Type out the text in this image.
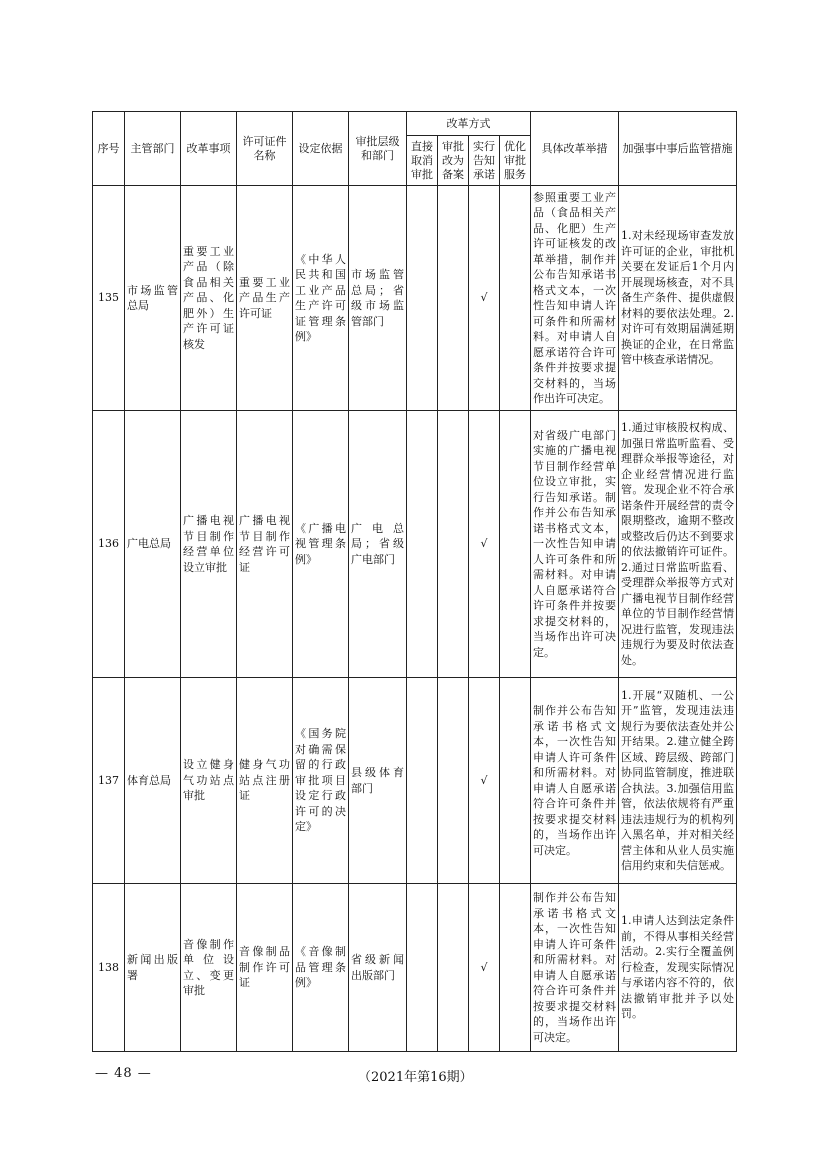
序号	主管部门	改革事项	许可证件名称	设定依据	审批层级和部门	改革方式				具体改革举措	加强事中事后监管措施
						直接取消审批	审批改为备案	实行告知承诺	优化审批服务		
135	市场监管总局	重要工业产品（除食品相关产品、化肥外）生产许可证核发	重要工业产品生产许可证	《中华人民共和国工业产品生产许可证管理条例》	市场监管总局；省级市场监管部门			√		参照重要工业产品（食品相关产品、化肥）生产许可证核发的改革举措，制作并公布告知承诺书格式文本，一次性告知申请人许可条件和所需材料。对申请人自愿承诺符合许可条件并按要求提交材料的，当场作出许可决定。	1.对未经现场审查发放许可证的企业，审批机关要在发证后1个月内开展现场核查，对不具备生产条件、提供虚假材料的要依法处理。2.对许可有效期届满延期换证的企业，在日常监管中核查承诺情况。
136	广电总局	广播电视节目制作经营单位设立审批	广播电视节目制作经营许可证	《广播电视管理条例》	广电总局；省级广电部门			√		对省级广电部门实施的广播电视节目制作经营单位设立审批，实行告知承诺。制作并公布告知承诺书格式文本，一次性告知申请人许可条件和所需材料。对申请人自愿承诺符合许可条件并按要求提交材料的，当场作出许可决定。	1.通过审核股权构成、加强日常监听监看、受理群众举报等途径，对企业经营情况进行监管。发现企业不符合承诺条件开展经营的责令限期整改，逾期不整改或整改后仍达不到要求的依法撤销许可证件。2.通过日常监听监看、受理群众举报等方式对广播电视节目制作经营单位的节目制作经营情况进行监管，发现违法违规行为要及时依法查处。
137	体育总局	设立健身气功站点审批	健身气功站点注册证	《国务院对确需保留的行政审批项目设定行政许可的决定》	县级体育部门			√		制作并公布告知承诺书格式文本，一次性告知申请人许可条件和所需材料。对申请人自愿承诺符合许可条件并按要求提交材料的，当场作出许可决定。	1.开展“双随机、一公开”监管，发现违法违规行为要依法查处并公开结果。2.建立健全跨区域、跨层级、跨部门协同监管制度，推进联合执法。3.加强信用监管，依法依规将有严重违法违规行为的机构列入黑名单，并对相关经营主体和从业人员实施信用约束和失信惩戒。
138	新闻出版署	音像制作单位设立、变更审批	音像制品制作许可证	《音像制品管理条例》	省级新闻出版部门			√		制作并公布告知承诺书格式文本，一次性告知申请人许可条件和所需材料。对申请人自愿承诺符合许可条件并按要求提交材料的，当场作出许可决定。	1.申请人达到法定条件前，不得从事相关经营活动。2.实行全覆盖例行检查，发现实际情况与承诺内容不符的，依法撤销审批并予以处罚。
— 48 —	（2021年第16期）
